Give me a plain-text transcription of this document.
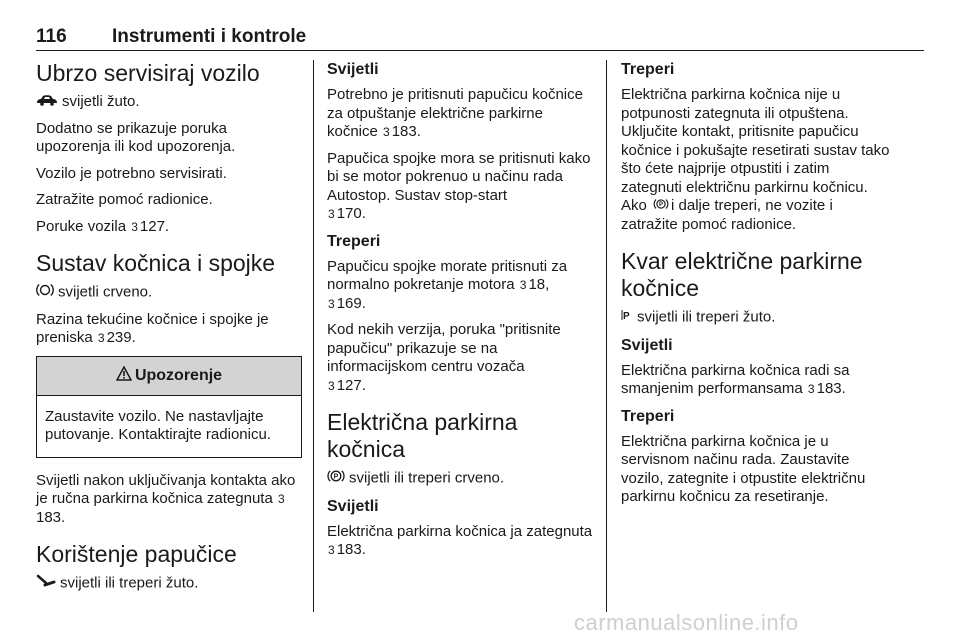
116 Instrumenti i kontrole
Ubrzo servisiraj vozilo

svijetli žuto.

Dodatno se prikazuje poruka upozorenja ili kod upozorenja.

Vozilo je potrebno servisirati.

Zatražite pomoć radionice.

Poruke vozila 3 127.

Sustav kočnica i spojke

svijetli crveno.

Razina tekućine kočnice i spojke je preniska 3 239.

Upozorenje
Zaustavite vozilo. Ne nastavljajte putovanje. Kontaktirajte radionicu.

Svijetli nakon uključivanja kontakta ako je ručna parkirna kočnica zategnuta 3183.

Korištenje papučice

svijetli ili treperi žuto.

Svijetli

Potrebno je pritisnuti papučicu kočnice za otpuštanje električne parkirne kočnice 3 183.

Papučica spojke mora se pritisnuti kako bi se motor pokrenuo u načinu rada Autostop. Sustav stop-start
3 170.

Treperi

Papučicu spojke morate pritisnuti za normalno pokretanje motora 3 18,
3 169.

Kod nekih verzija, poruka "pritisnite papučicu" prikazuje se na informacijskom centru vozača
3 127.

Električna parkirna kočnica

P svijetli ili treperi crveno.

Svijetli

Električna parkirna kočnica ja zategnuta 3 183.

Treperi

Električna parkirna kočnica nije u potpunosti zategnuta ili otpuštena. Uključite kontakt, pritisnite papučicu kočnice i pokušajte resetirati sustav tako što ćete najprije otpustiti i zatim zategnuti električnu parkirnu kočnicu. Ako P i dalje treperi, ne vozite i zatražite pomoć radionice.

Kvar električne parkirne kočnice

P svijetli ili treperi žuto.

Svijetli

Električna parkirna kočnica radi sa smanjenim performansama 3 183.

Treperi

Električna parkirna kočnica je u servisnom načinu rada. Zaustavite vozilo, zategnite i otpustite električnu parkirnu kočnicu za resetiranje.

carmanualsonline.info
